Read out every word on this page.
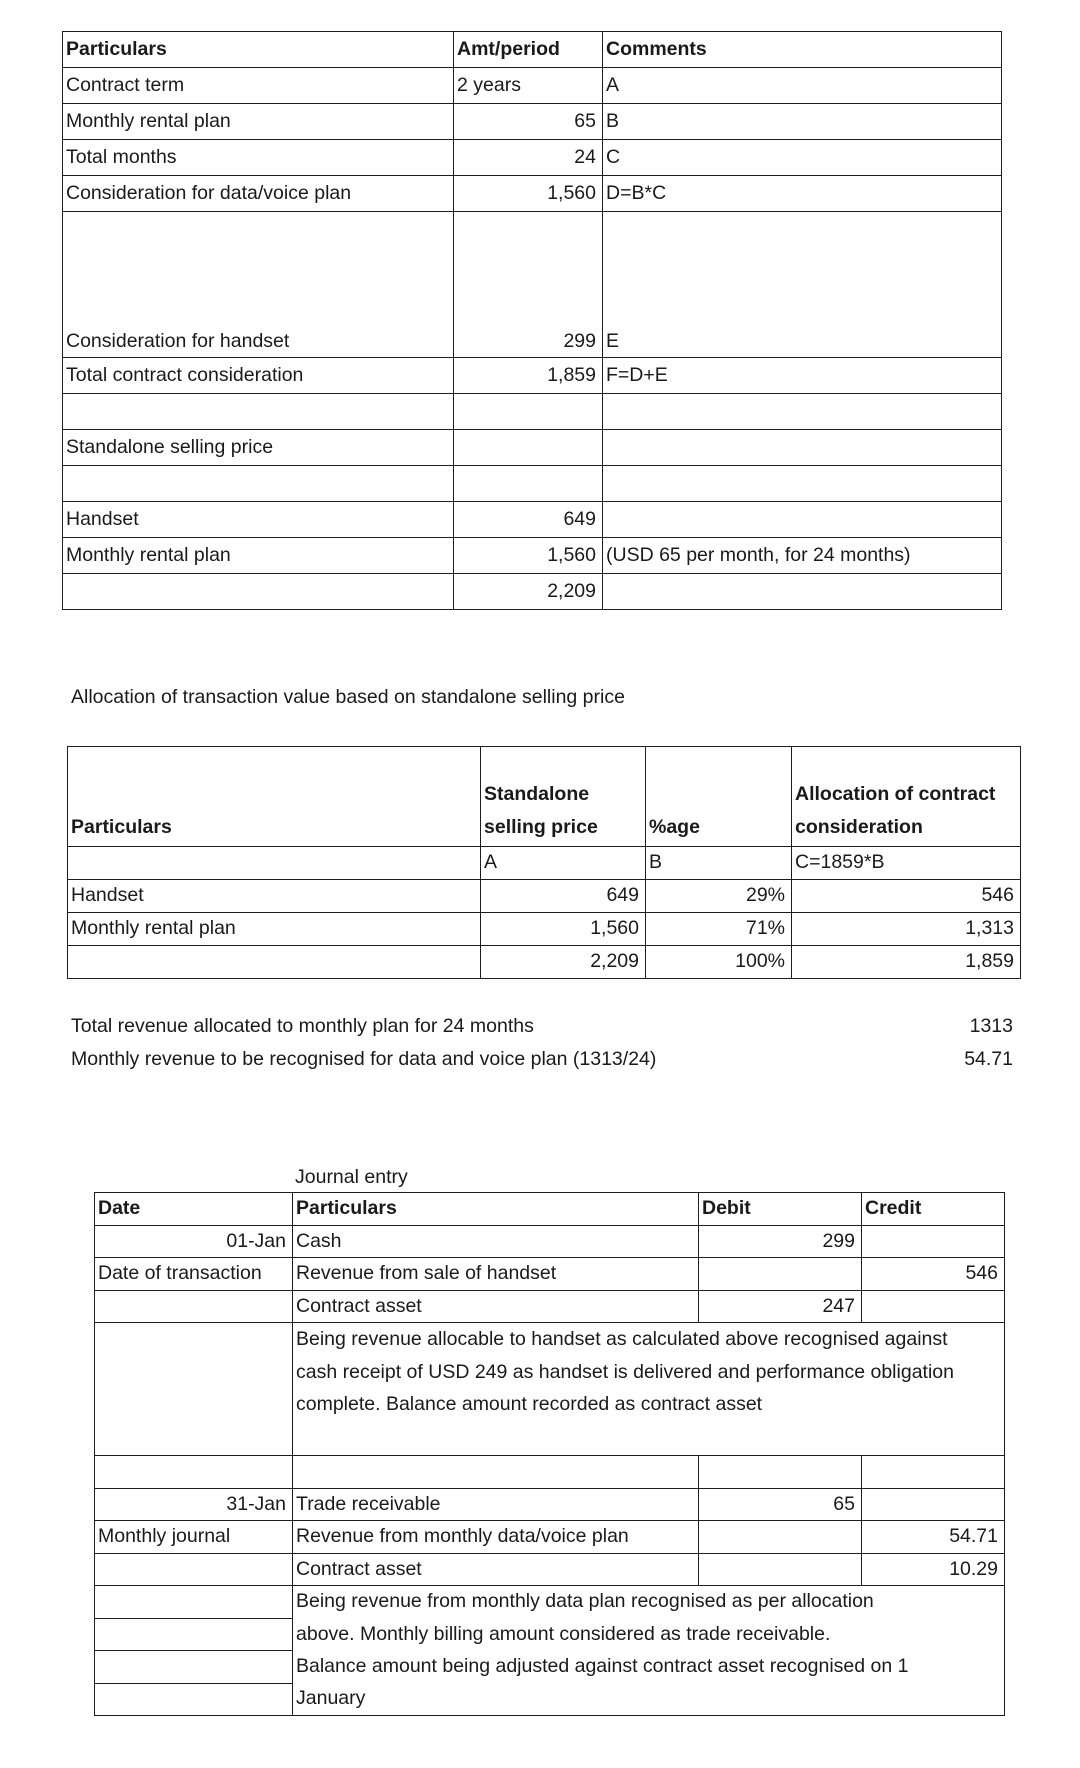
Particulars	Amt/period	Comments
Contract term	2 years	A
Monthly rental plan	65	B
Total months	24	C
Consideration for data/voice plan	1,560	D=B*C
Consideration for handset	299	E
Total contract consideration	1,859	F=D+E

Standalone selling price		

Handset	649	
Monthly rental plan	1,560	(USD 65 per month, for 24 months)
	2,209	
Allocation of transaction value based on standalone selling price
Particulars	Standalone selling price	%age	Allocation of contract consideration
	A	B	C=1859*B
Handset	649	29%	546
Monthly rental plan	1,560	71%	1,313
	2,209	100%	1,859
Total revenue allocated to monthly plan for 24 months	1313
Monthly revenue to be recognised for data and voice plan (1313/24)	54.71
Journal entry
Date	Particulars	Debit	Credit
01-Jan	Cash	299	
Date of transaction	Revenue from sale of handset		546
	Contract asset	247	
	Being revenue allocable to handset as calculated above recognised against cash receipt of USD 249 as handset is delivered and performance obligation complete. Balance amount recorded as contract asset		

31-Jan	Trade receivable	65	
Monthly journal	Revenue from monthly data/voice plan		54.71
	Contract asset		10.29
	Being revenue from monthly data plan recognised as per allocation		
	above. Monthly billing amount considered as trade receivable.		
	Balance amount being adjusted against contract asset recognised on 1		
	January		
